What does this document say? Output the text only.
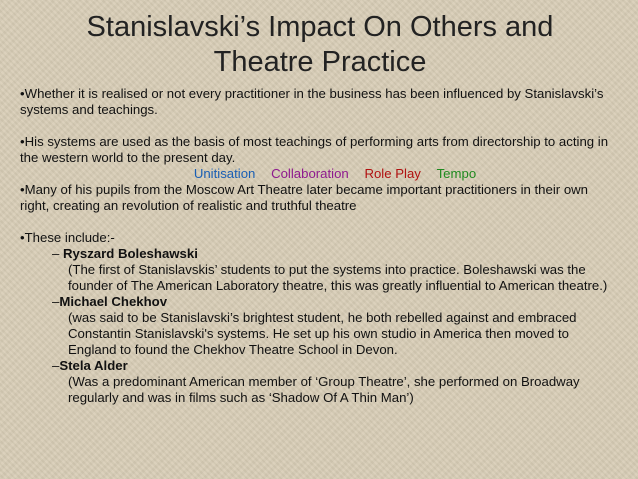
Stanislavski’s Impact On Others and Theatre Practice

•Whether it is realised or not every practitioner in the business has been influenced by Stanislavski’s systems and teachings.

•His systems are used as the basis of most teachings of performing arts from directorship to acting in the western world to the present day.

Unitisation Collaboration Role Play Tempo

•Many of his pupils from the Moscow Art Theatre later became important practitioners in their own right, creating an revolution of realistic and truthful theatre

•These include:-

– Ryszard Boleshawski

(The first of Stanislavskis’ students to put the systems into practice. Boleshawski was the founder of The American Laboratory theatre, this was greatly influential to American theatre.)

–Michael Chekhov

(was said to be Stanislavski’s brightest student, he both rebelled against and embraced Constantin Stanislavski's systems. He set up his own studio in America then moved to England to found the Chekhov Theatre School in Devon.

–Stela Alder

(Was a predominant American member of ‘Group Theatre’, she performed on Broadway regularly and was in films such as ‘Shadow Of A Thin Man’)
